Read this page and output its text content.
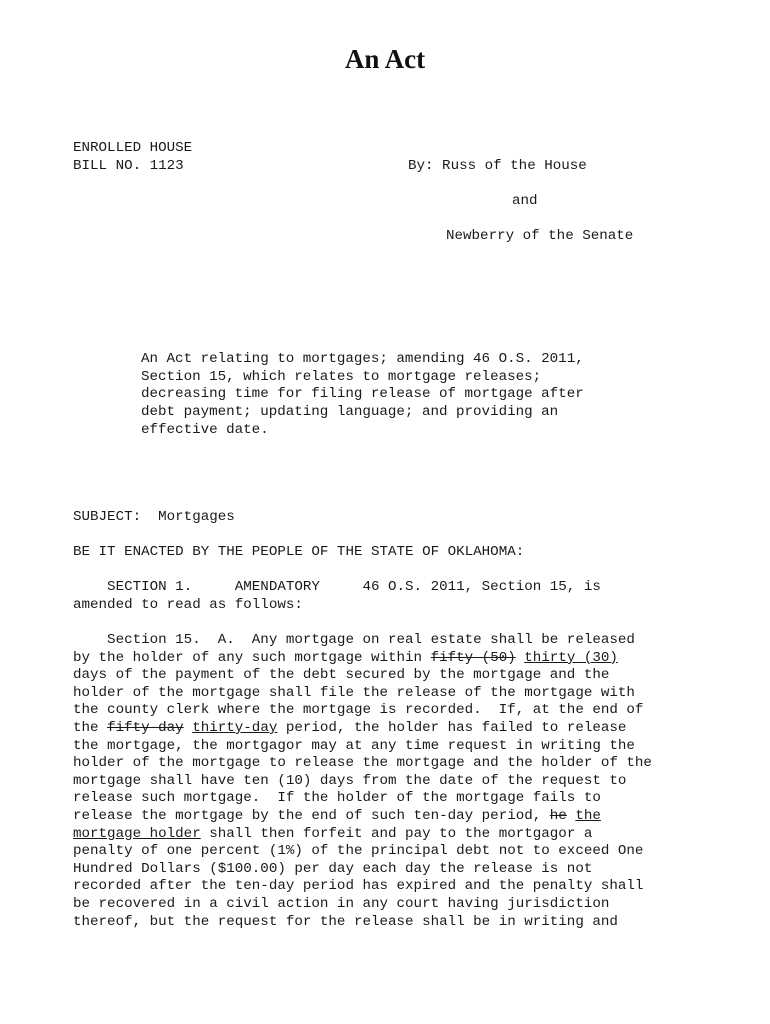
An Act
ENROLLED HOUSE
BILL NO. 1123	By: Russ of the House
and
Newberry of the Senate
An Act relating to mortgages; amending 46 O.S. 2011,
Section 15, which relates to mortgage releases;
decreasing time for filing release of mortgage after
debt payment; updating language; and providing an
effective date.
SUBJECT:  Mortgages
BE IT ENACTED BY THE PEOPLE OF THE STATE OF OKLAHOMA:
SECTION 1.     AMENDATORY     46 O.S. 2011, Section 15, is
amended to read as follows:
Section 15.  A.  Any mortgage on real estate shall be released
by the holder of any such mortgage within fifty (50) thirty (30)
days of the payment of the debt secured by the mortgage and the
holder of the mortgage shall file the release of the mortgage with
the county clerk where the mortgage is recorded.  If, at the end of
the fifty-day thirty-day period, the holder has failed to release
the mortgage, the mortgagor may at any time request in writing the
holder of the mortgage to release the mortgage and the holder of the
mortgage shall have ten (10) days from the date of the request to
release such mortgage.  If the holder of the mortgage fails to
release the mortgage by the end of such ten-day period, he the
mortgage holder shall then forfeit and pay to the mortgagor a
penalty of one percent (1%) of the principal debt not to exceed One
Hundred Dollars ($100.00) per day each day the release is not
recorded after the ten-day period has expired and the penalty shall
be recovered in a civil action in any court having jurisdiction
thereof, but the request for the release shall be in writing and
